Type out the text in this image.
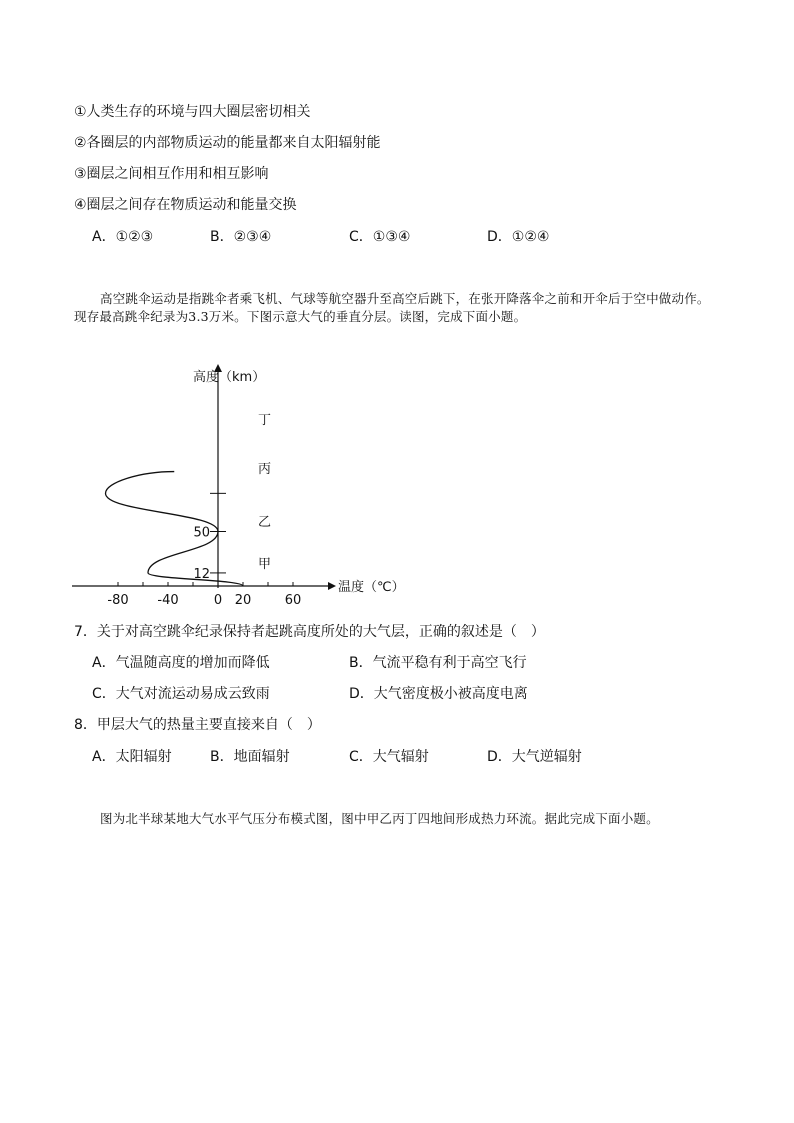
①人类生存的环境与四大圈层密切相关
②各圈层的内部物质运动的能量都来自太阳辐射能
③圈层之间相互作用和相互影响
④圈层之间存在物质运动和能量交换
A．①②③	B．②③④	C．①③④	D．①②④

高空跳伞运动是指跳伞者乘飞机、气球等航空器升至高空后跳下，在张开降落伞之前和开伞后于空中做动作。现存最高跳伞纪录为3.3万米。下图示意大气的垂直分层。读图，完成下面小题。

-80 -40	0 20	60
12
50
高度（km）
温度（℃）
甲
乙
丙
丁
7．关于对高空跳伞纪录保持者起跳高度所处的大气层，正确的叙述是（　）
A．气温随高度的增加而降低	B．气流平稳有利于高空飞行
C．大气对流运动易成云致雨	D．大气密度极小被高度电离
8．甲层大气的热量主要直接来自（　）
A．太阳辐射	B．地面辐射	C．大气辐射	D．大气逆辐射

图为北半球某地大气水平气压分布模式图，图中甲乙丙丁四地间形成热力环流。据此完成下面小题。
